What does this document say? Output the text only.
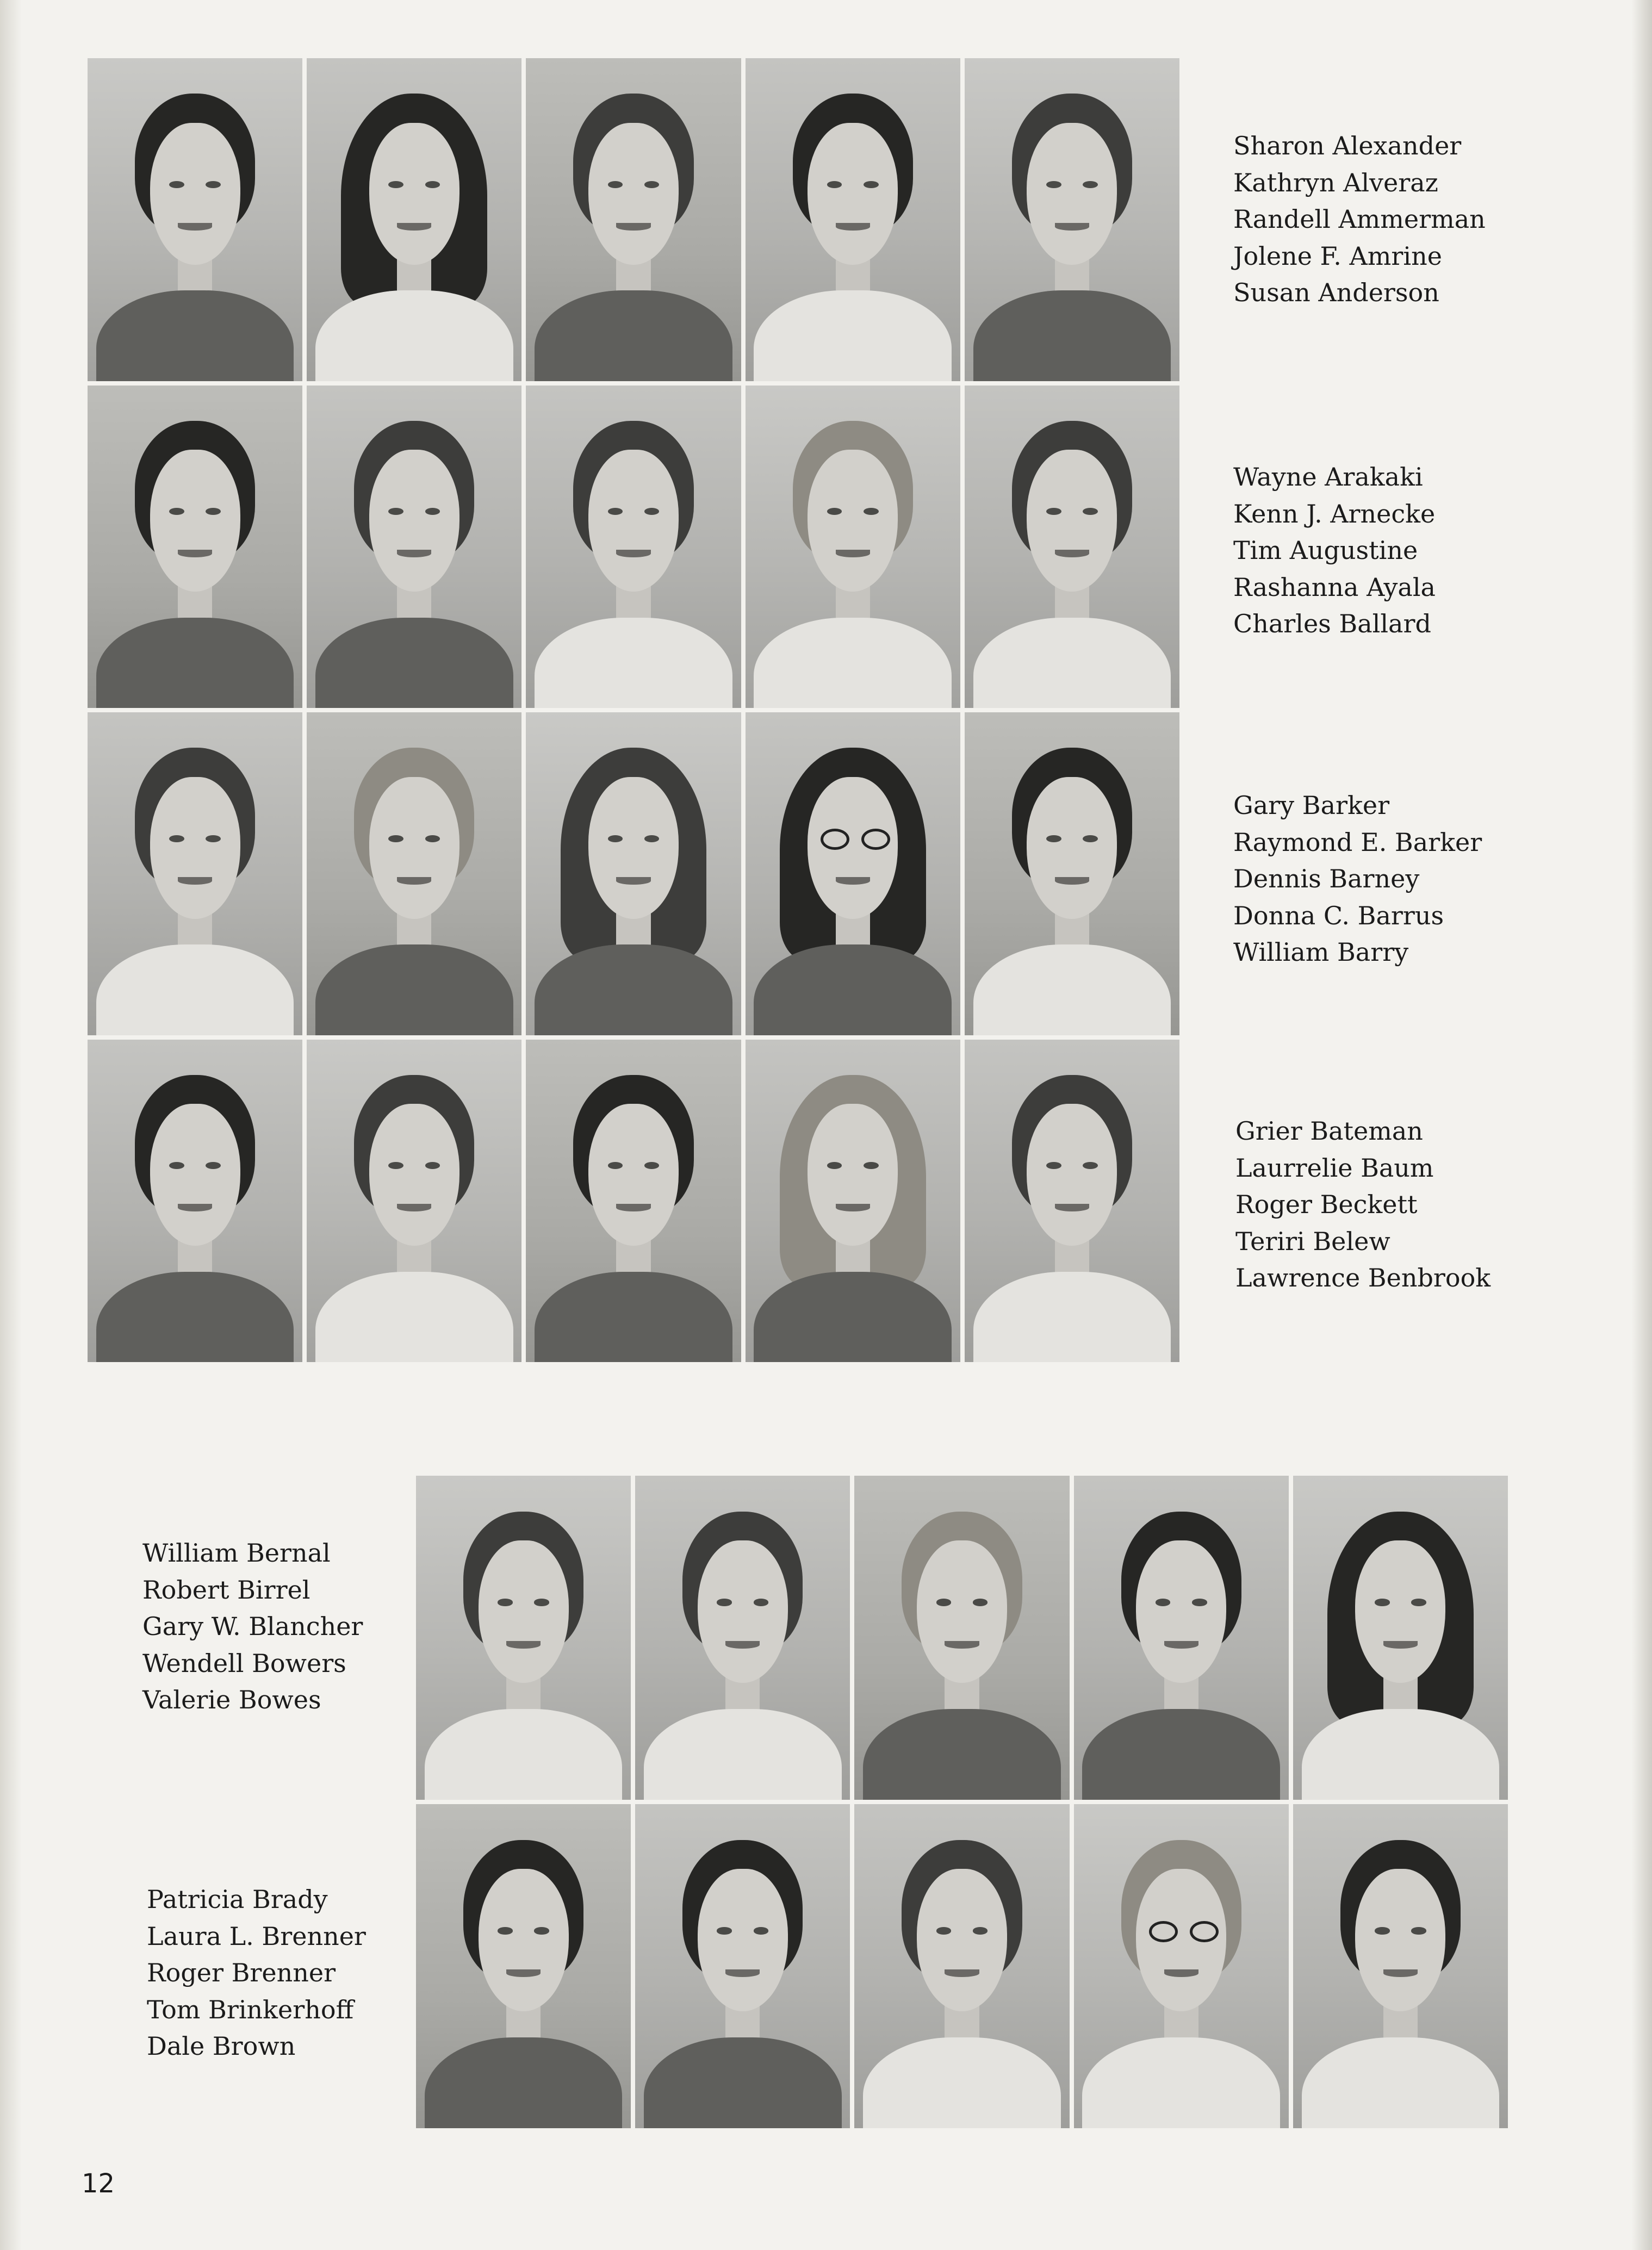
Sharon Alexander
Kathryn Alveraz
Randell Ammerman
Jolene F. Amrine
Susan Anderson
Wayne Arakaki
Kenn J. Arnecke
Tim Augustine
Rashanna Ayala
Charles Ballard
Gary Barker
Raymond E. Barker
Dennis Barney
Donna C. Barrus
William Barry
Grier Bateman
Laurrelie Baum
Roger Beckett
Teriri Belew
Lawrence Benbrook
William Bernal
Robert Birrel
Gary W. Blancher
Wendell Bowers
Valerie Bowes
Patricia Brady
Laura L. Brenner
Roger Brenner
Tom Brinkerhoff
Dale Brown
12
